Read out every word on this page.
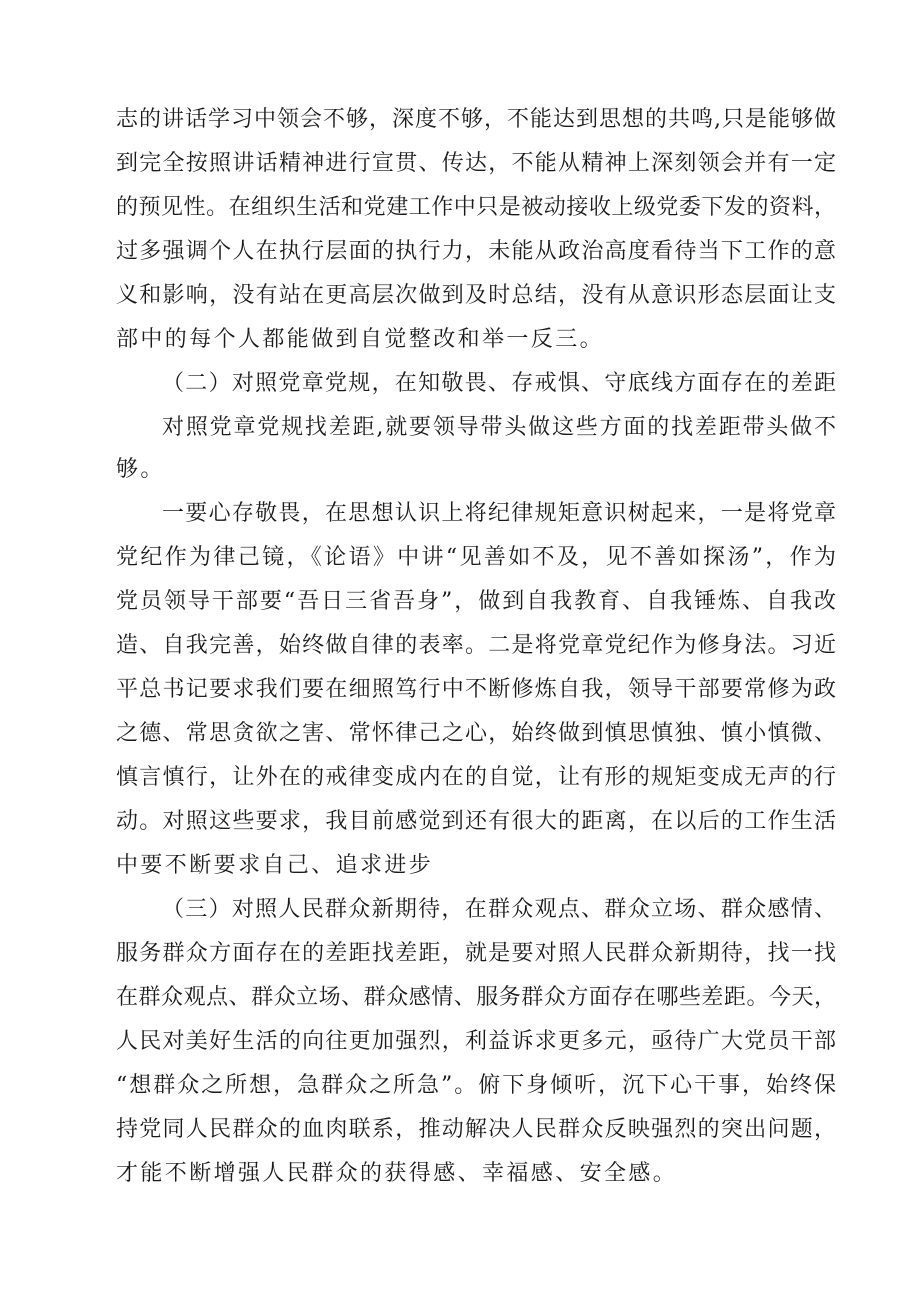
志的讲话学习中领会不够，深度不够，不能达到思想的共鸣,只是能够做
到完全按照讲话精神进行宣贯、传达，不能从精神上深刻领会并有一定
的预见性。在组织生活和党建工作中只是被动接收上级党委下发的资料，
过多强调个人在执行层面的执行力，未能从政治高度看待当下工作的意
义和影响，没有站在更高层次做到及时总结，没有从意识形态层面让支
部中的每个人都能做到自觉整改和举一反三。
（二）对照党章党规，在知敬畏、存戒惧、守底线方面存在的差距
对照党章党规找差距,就要领导带头做这些方面的找差距带头做不
够。
一要心存敬畏，在思想认识上将纪律规矩意识树起来，一是将党章
党纪作为律己镜，《论语》中讲“见善如不及，见不善如探汤”，作为
党员领导干部要“吾日三省吾身”，做到自我教育、自我锤炼、自我改
造、自我完善，始终做自律的表率。二是将党章党纪作为修身法。习近
平总书记要求我们要在细照笃行中不断修炼自我，领导干部要常修为政
之德、常思贪欲之害、常怀律己之心，始终做到慎思慎独、慎小慎微、
慎言慎行，让外在的戒律变成内在的自觉，让有形的规矩变成无声的行
动。对照这些要求，我目前感觉到还有很大的距离，在以后的工作生活
中要不断要求自己、追求进步
（三）对照人民群众新期待，在群众观点、群众立场、群众感情、
服务群众方面存在的差距找差距，就是要对照人民群众新期待，找一找
在群众观点、群众立场、群众感情、服务群众方面存在哪些差距。今天，
人民对美好生活的向往更加强烈，利益诉求更多元，亟待广大党员干部
“想群众之所想，急群众之所急”。俯下身倾听，沉下心干事，始终保
持党同人民群众的血肉联系，推动解决人民群众反映强烈的突出问题，
才能不断增强人民群众的获得感、幸福感、安全感。
